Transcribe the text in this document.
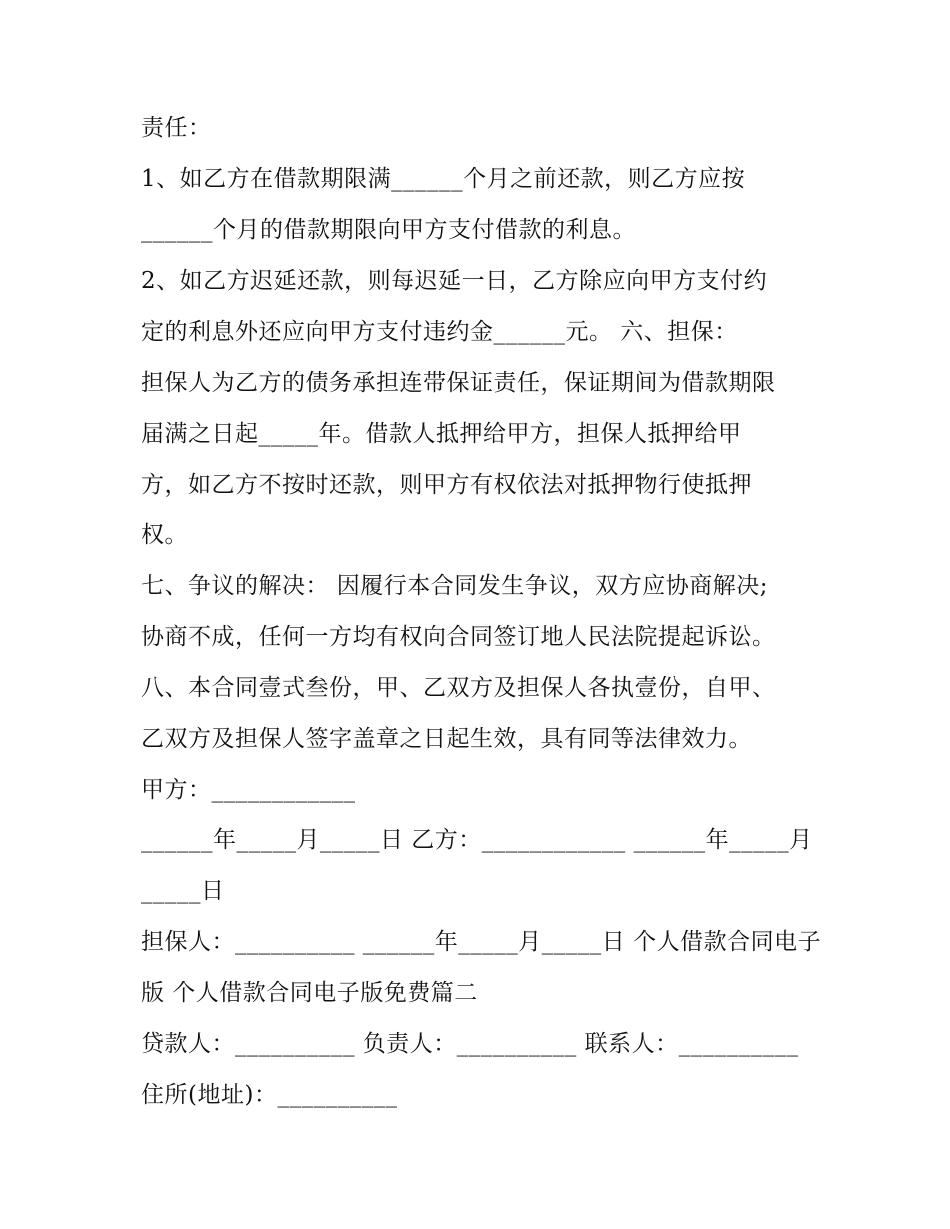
责任：
1、如乙方在借款期限满______个月之前还款，则乙方应按
______个月的借款期限向甲方支付借款的利息。
2、如乙方迟延还款，则每迟延一日，乙方除应向甲方支付约
定的利息外还应向甲方支付违约金______元。 六、担保：
担保人为乙方的债务承担连带保证责任，保证期间为借款期限
届满之日起_____年。借款人抵押给甲方，担保人抵押给甲
方，如乙方不按时还款，则甲方有权依法对抵押物行使抵押
权。
七、争议的解决： 因履行本合同发生争议，双方应协商解决;
协商不成，任何一方均有权向合同签订地人民法院提起诉讼。
八、本合同壹式叁份，甲、乙双方及担保人各执壹份，自甲、
乙双方及担保人签字盖章之日起生效，具有同等法律效力。
甲方：____________
______年_____月_____日 乙方：____________ ______年_____月
_____日
担保人：__________ ______年_____月_____日 个人借款合同电子
版 个人借款合同电子版免费篇二
贷款人：__________ 负责人：__________ 联系人：__________
住所(地址)：__________
